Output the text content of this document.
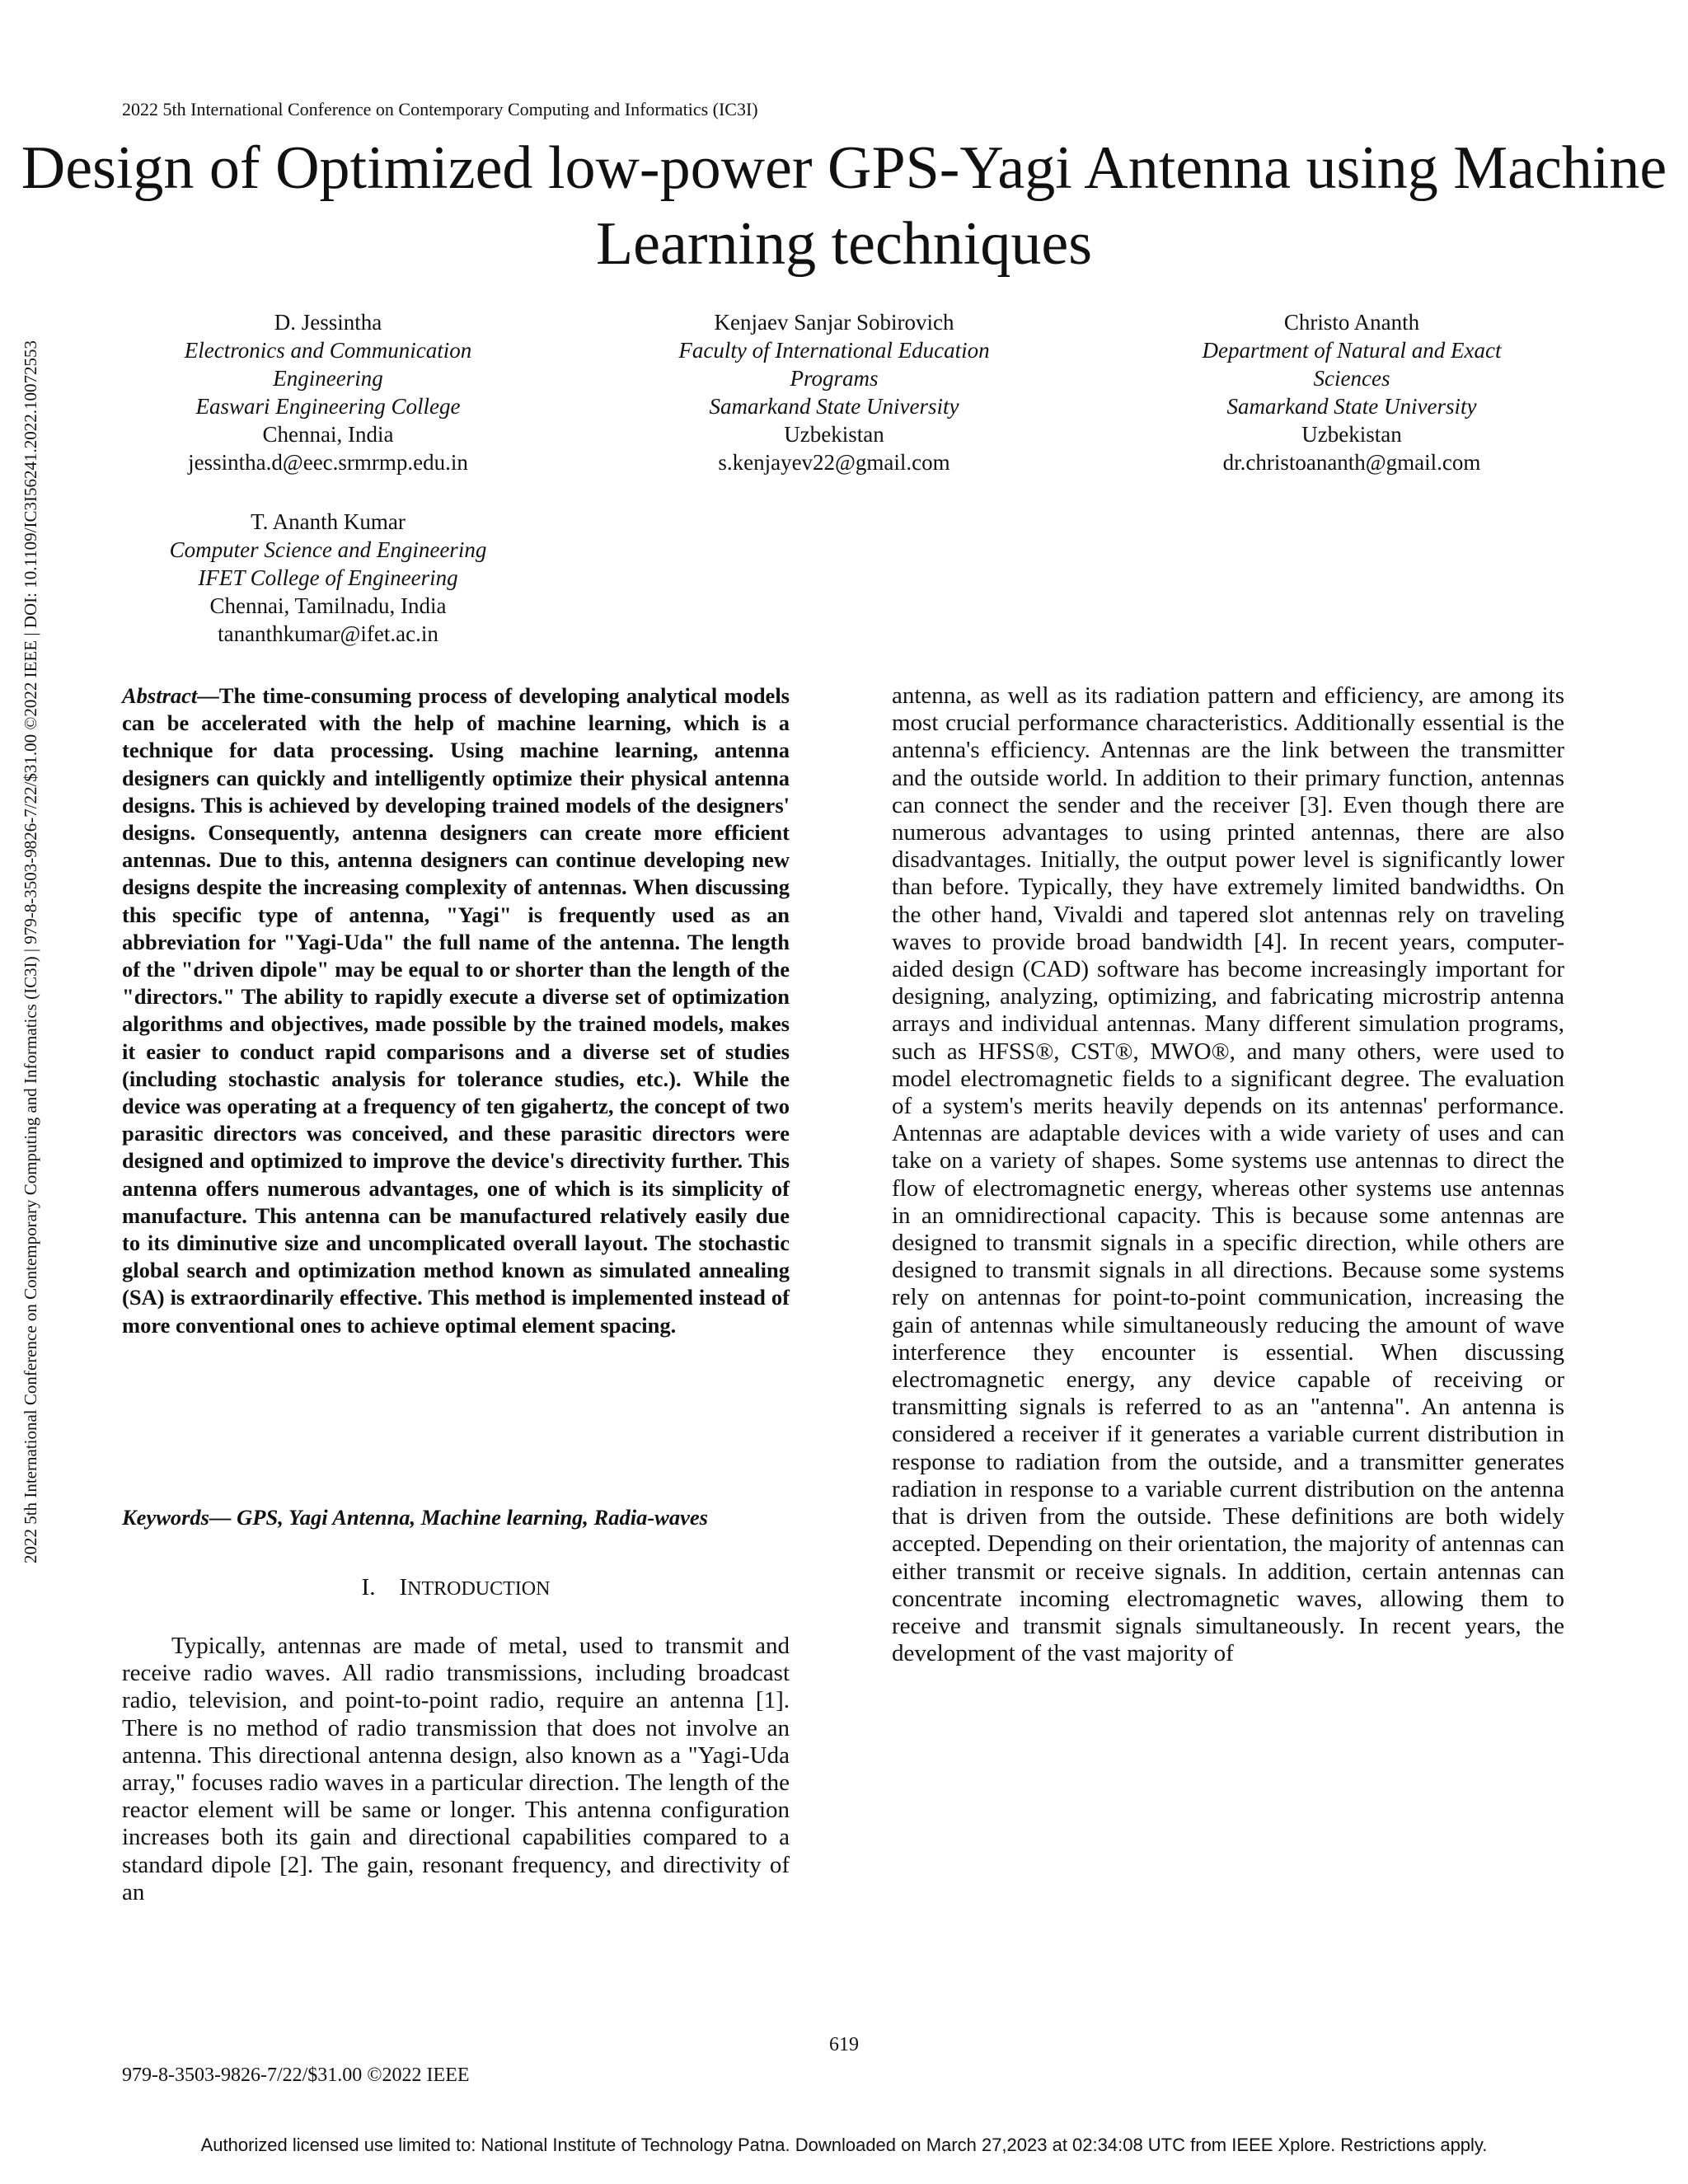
2022 5th International Conference on Contemporary Computing and Informatics (IC3I)
Design of Optimized low-power GPS-Yagi Antenna using Machine Learning techniques
D. Jessintha
Electronics and Communication
Engineering
Easwari Engineering College
Chennai, India
jessintha.d@eec.srmrmp.edu.in
Kenjaev Sanjar Sobirovich
Faculty of International Education
Programs
Samarkand State University
Uzbekistan
s.kenjayev22@gmail.com
Christo Ananth
Department of Natural and Exact
Sciences
Samarkand State University
Uzbekistan
dr.christoananth@gmail.com
T. Ananth Kumar
Computer Science and Engineering
IFET College of Engineering
Chennai, Tamilnadu, India
tananthkumar@ifet.ac.in
2022 5th International Conference on Contemporary Computing and Informatics (IC3I) | 979-8-3503-9826-7/22/$31.00 ©2022 IEEE | DOI: 10.1109/IC3I56241.2022.10072553	Abstract—The time-consuming process of developing analytical models can be accelerated with the help of machine learning, which is a technique for data processing. Using machine learning, antenna designers can quickly and intelligently optimize their physical antenna designs. This is achieved by developing trained models of the designers' designs. Consequently, antenna designers can create more efficient antennas. Due to this, antenna designers can continue developing new designs despite the increasing complexity of antennas. When discussing this specific type of antenna, "Yagi" is frequently used as an abbreviation for "Yagi-Uda" the full name of the antenna. The length of the "driven dipole" may be equal to or shorter than the length of the "directors." The ability to rapidly execute a diverse set of optimization algorithms and objectives, made possible by the trained models, makes it easier to conduct rapid comparisons and a diverse set of studies (including stochastic analysis for tolerance studies, etc.). While the device was operating at a frequency of ten gigahertz, the concept of two parasitic directors was conceived, and these parasitic directors were designed and optimized to improve the device's directivity further. This antenna offers numerous advantages, one of which is its simplicity of manufacture. This antenna can be manufactured relatively easily due to its diminutive size and uncomplicated overall layout. The stochastic global search and optimization method known as simulated annealing (SA) is extraordinarily effective. This method is implemented instead of more conventional ones to achieve optimal element spacing.
Keywords— GPS, Yagi Antenna, Machine learning, Radia-waves
I. INTRODUCTION
Typically, antennas are made of metal, used to transmit and receive radio waves. All radio transmissions, including broadcast radio, television, and point-to-point radio, require an antenna [1]. There is no method of radio transmission that does not involve an antenna. This directional antenna design, also known as a "Yagi-Uda array," focuses radio waves in a particular direction. The length of the reactor element will be same or longer. This antenna configuration increases both its gain and directional capabilities compared to a standard dipole [2]. The gain, resonant frequency, and directivity of an
antenna, as well as its radiation pattern and efficiency, are among its most crucial performance characteristics. Additionally essential is the antenna's efficiency. Antennas are the link between the transmitter and the outside world. In addition to their primary function, antennas can connect the sender and the receiver [3]. Even though there are numerous advantages to using printed antennas, there are also disadvantages. Initially, the output power level is significantly lower than before. Typically, they have extremely limited bandwidths. On the other hand, Vivaldi and tapered slot antennas rely on traveling waves to provide broad bandwidth [4]. In recent years, computer-aided design (CAD) software has become increasingly important for designing, analyzing, optimizing, and fabricating microstrip antenna arrays and individual antennas. Many different simulation programs, such as HFSS®, CST®, MWO®, and many others, were used to model electromagnetic fields to a significant degree. The evaluation of a system's merits heavily depends on its antennas' performance. Antennas are adaptable devices with a wide variety of uses and can take on a variety of shapes. Some systems use antennas to direct the flow of electromagnetic energy, whereas other systems use antennas in an omnidirectional capacity. This is because some antennas are designed to transmit signals in a specific direction, while others are designed to transmit signals in all directions. Because some systems rely on antennas for point-to-point communication, increasing the gain of antennas while simultaneously reducing the amount of wave interference they encounter is essential. When discussing electromagnetic energy, any device capable of receiving or transmitting signals is referred to as an "antenna". An antenna is considered a receiver if it generates a variable current distribution in response to radiation from the outside, and a transmitter generates radiation in response to a variable current distribution on the antenna that is driven from the outside. These definitions are both widely accepted. Depending on their orientation, the majority of antennas can either transmit or receive signals. In addition, certain antennas can concentrate incoming electromagnetic waves, allowing them to receive and transmit signals simultaneously. In recent years, the development of the vast majority of
619
979-8-3503-9826-7/22/$31.00 ©2022 IEEE
Authorized licensed use limited to: National Institute of Technology Patna. Downloaded on March 27,2023 at 02:34:08 UTC from IEEE Xplore. Restrictions apply.
